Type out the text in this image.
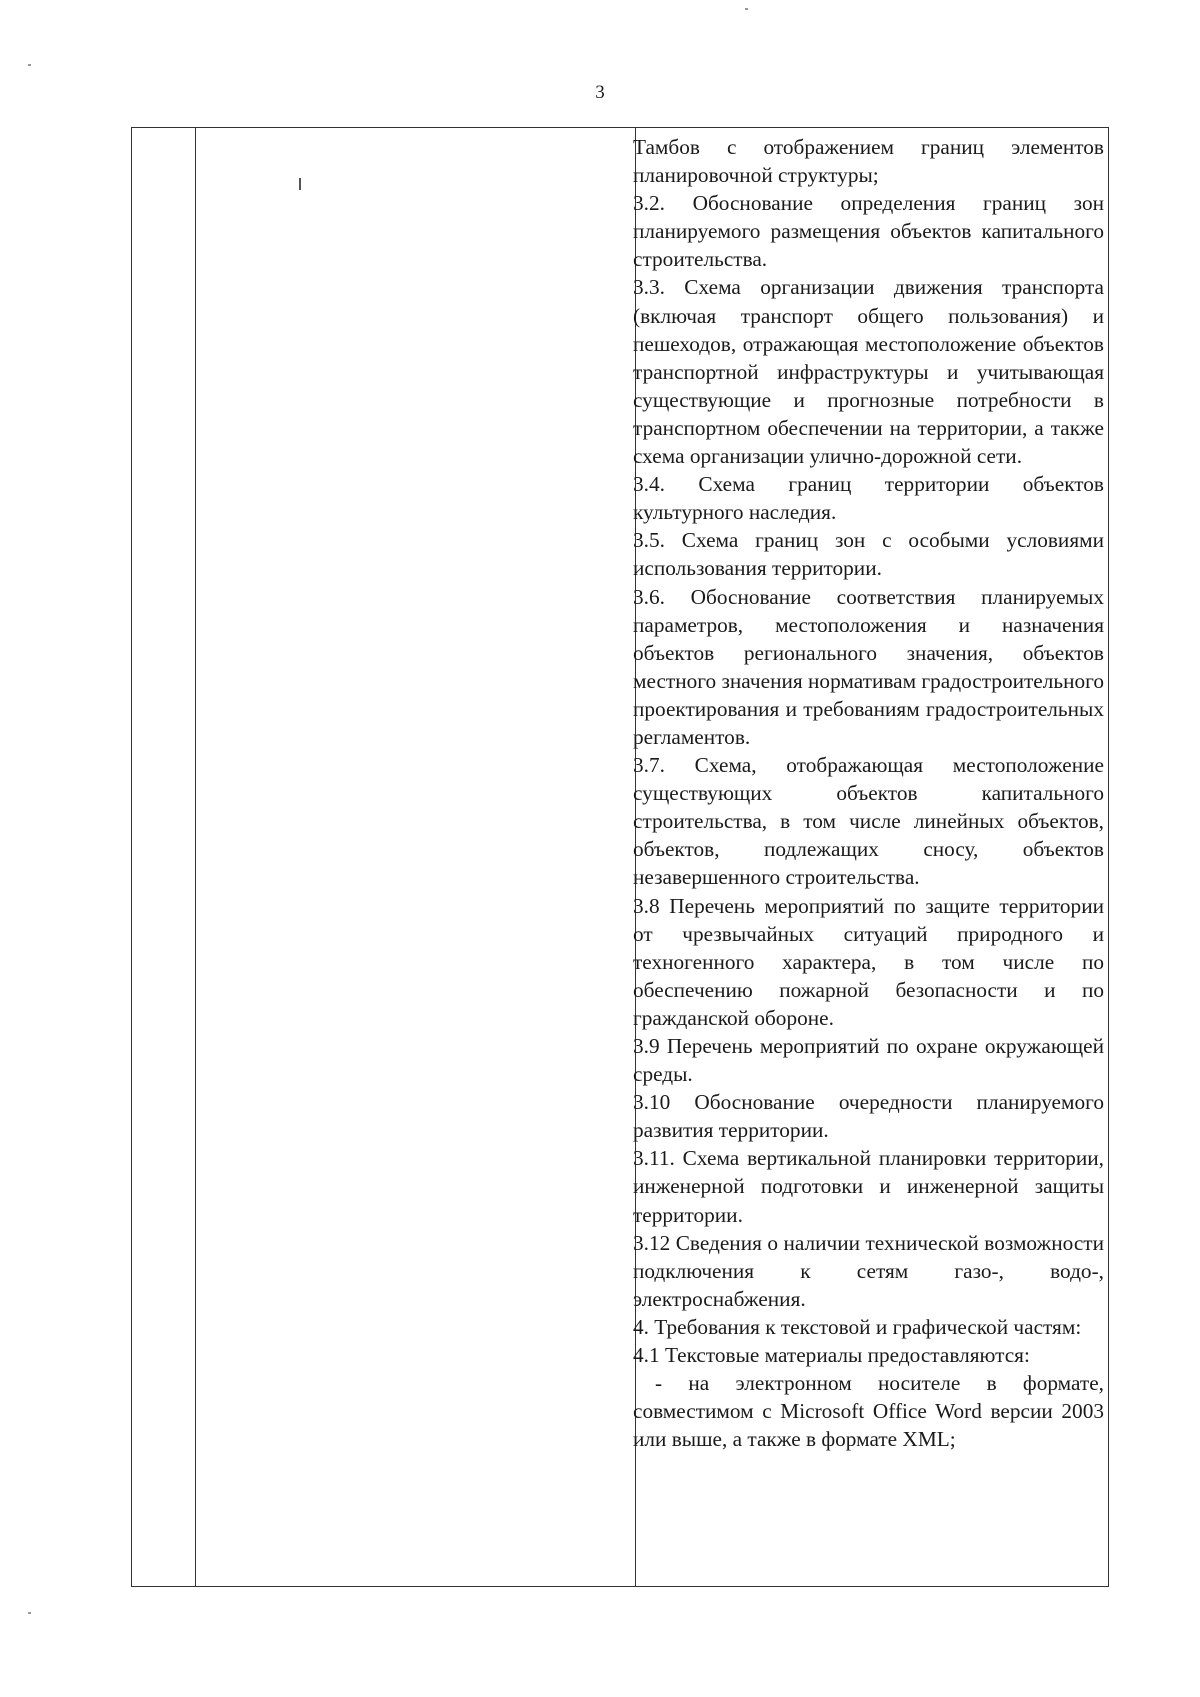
3

Тамбов с отображением границ элементов планировочной структуры;

3.2. Обоснование определения границ зон планируемого размещения объектов капитального строительства.

3.3. Схема организации движения транспорта (включая транспорт общего пользования) и пешеходов, отражающая местоположение объектов транспортной инфраструктуры и учитывающая существующие и прогнозные потребности в транспортном обеспечении на территории, а также схема организации улично-дорожной сети.

3.4. Схема границ территории объектов культурного наследия.

3.5. Схема границ зон с особыми условиями использования территории.

3.6. Обоснование соответствия планируемых параметров, местоположения и назначения объектов регионального значения, объектов местного значения нормативам градостроительного проектирования и требованиям градостроительных регламентов.

3.7. Схема, отображающая местоположение существующих объектов капитального строительства, в том числе линейных объектов, объектов, подлежащих сносу, объектов незавершенного строительства.

3.8 Перечень мероприятий по защите территории от чрезвычайных ситуаций природного и техногенного характера, в том числе по обеспечению пожарной безопасности и по гражданской обороне.

3.9 Перечень мероприятий по охране окружающей среды.

3.10 Обоснование очередности планируемого развития территории.

3.11. Схема вертикальной планировки территории, инженерной подготовки и инженерной защиты территории.

3.12 Сведения о наличии технической возможности подключения к сетям газо-, водо-, электроснабжения.

4. Требования к текстовой и графической частям:

4.1 Текстовые материалы предоставляются:

- на электронном носителе в формате, совместимом с Microsoft Office Word версии 2003 или выше, а также в формате XML;
